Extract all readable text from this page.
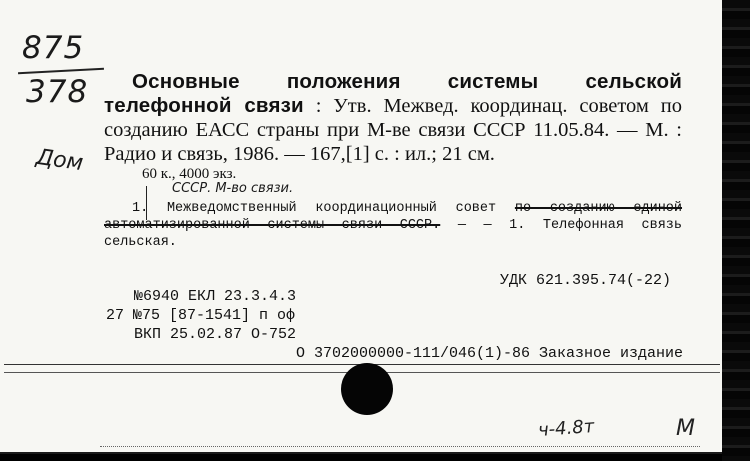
875
378
Дом
Основные положения системы сельской телефонной связи : Утв. Межвед. координац. советом по созданию ЕАСС страны при М-ве связи СССР 11.05.84. — М. : Радио и связь, 1986. — 167,[1] с. : ил.; 21 см.
60 к., 4000 экз.
СССР. М-во связи.
1. Межведомственный координационный совет по созданию единой автоматизированной системы связи СССР. — — 1. Телефонная связь сельская.
УДК 621.395.74(-22)
№6940 ЕКЛ 23.3.4.3
27 №75 [87-1541] п оф
ВКП 25.02.87 О-752
О 3702000000-111/046(1)-86 Заказное издание
ч-4.8т	М
